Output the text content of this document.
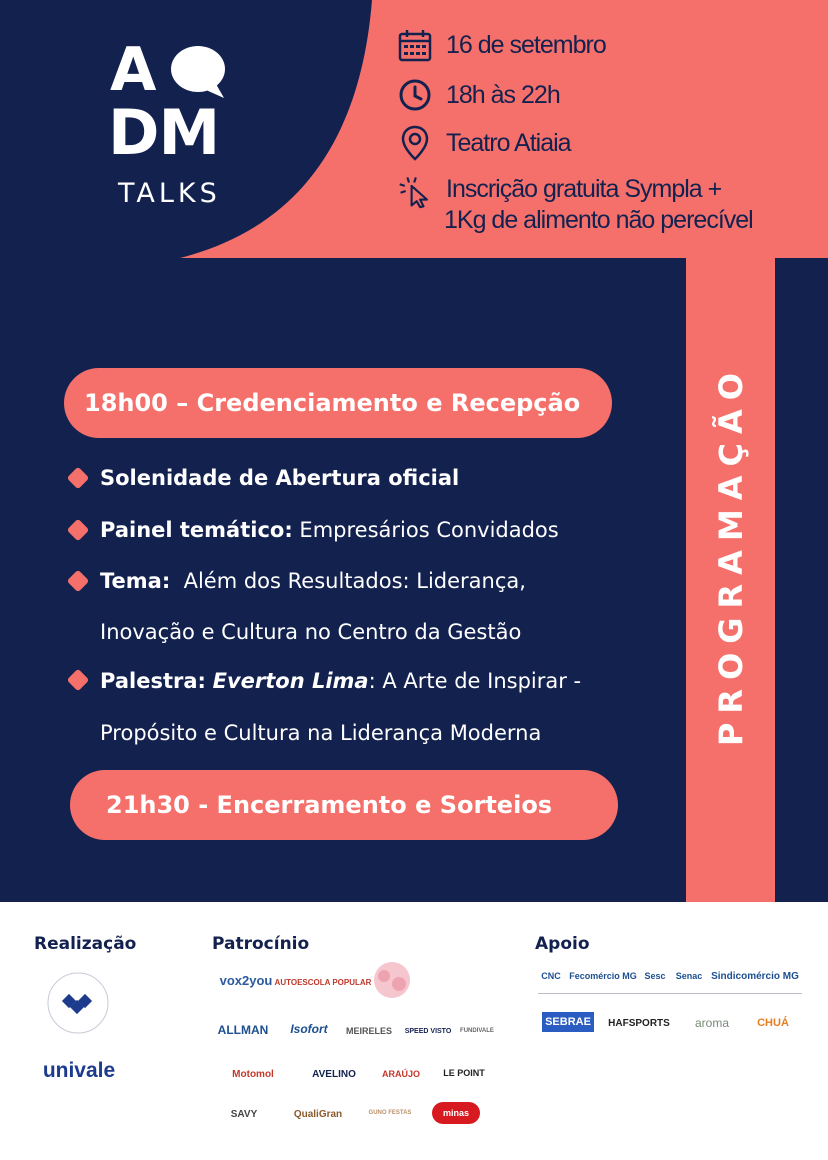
A
DM
TALKS
16 de setembro
18h às 22h
Teatro Atiaia
Inscrição gratuita Sympla +
1Kg de alimento não perecível
PROGRAMAÇÃO
18h00 – Credenciamento e Recepção
Solenidade de Abertura oficial
Painel temático: Empresários Convidados
Tema:  Além dos Resultados: Liderança,
Inovação e Cultura no Centro da Gestão
Palestra: Everton Lima: A Arte de Inspirar -
Propósito e Cultura na Liderança Moderna
21h30 - Encerramento e Sorteios
Realização	Patrocínio	Apoio
univale
vox2you AUTOESCOLA POPULAR
ALLMAN	Isofort	MEIRELES	SPEED VISTO	FUNDIVALE
Motomol	AVELINO	ARAÚJO	LE POINT
SAVY	QualiGran	GUNO FESTAS	minas
CNC Fecomércio MG Sesc Senac Sindicomércio MG
SEBRAE	HAFSPORTS	aroma	CHUÁ
